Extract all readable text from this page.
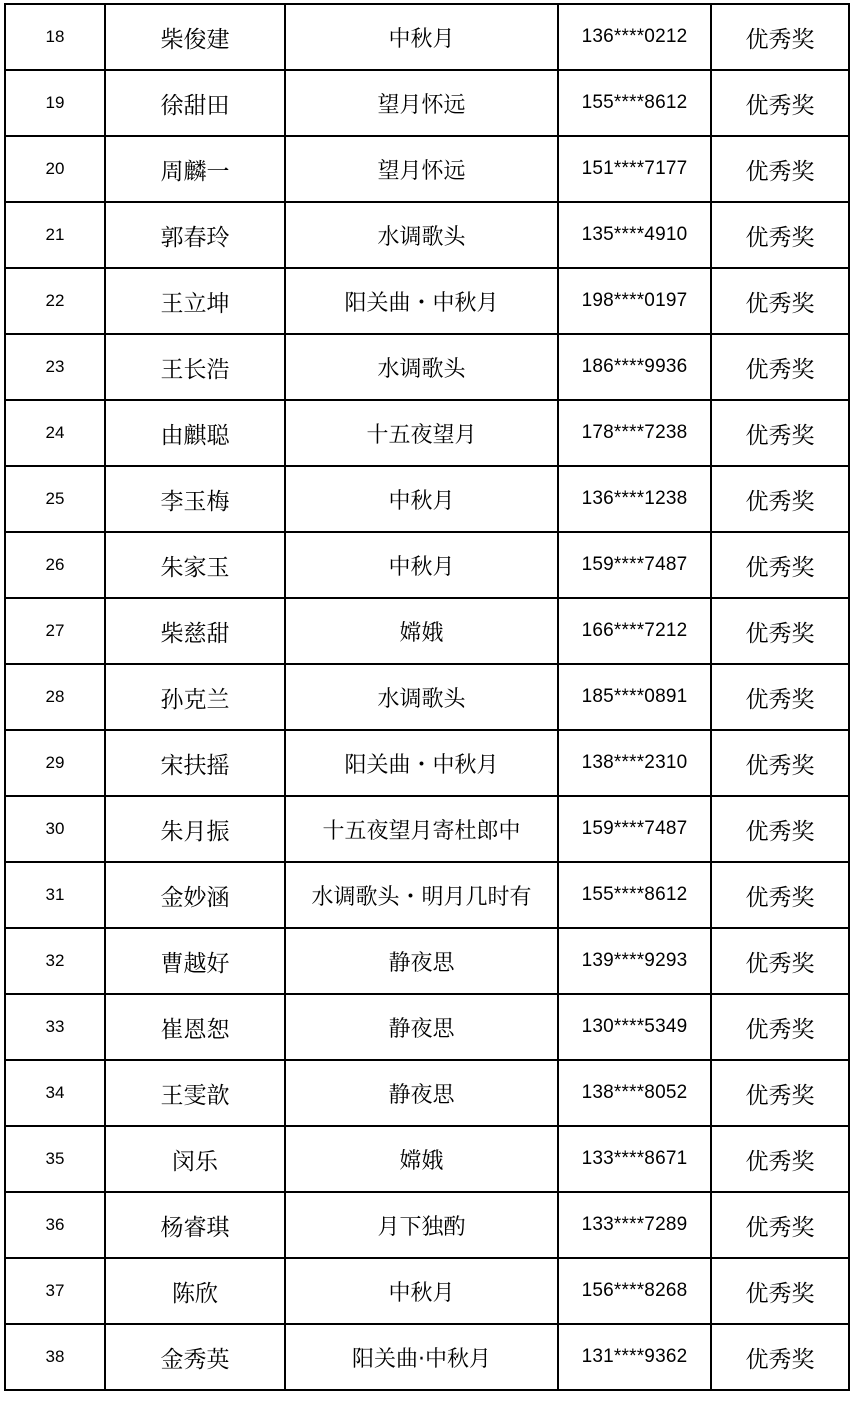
18	柴俊建	中秋月	136****0212	优秀奖
19	徐甜田	望月怀远	155****8612	优秀奖
20	周麟一	望月怀远	151****7177	优秀奖
21	郭春玲	水调歌头	135****4910	优秀奖
22	王立坤	阳关曲・中秋月	198****0197	优秀奖
23	王长浩	水调歌头	186****9936	优秀奖
24	由麒聪	十五夜望月	178****7238	优秀奖
25	李玉梅	中秋月	136****1238	优秀奖
26	朱家玉	中秋月	159****7487	优秀奖
27	柴慈甜	嫦娥	166****7212	优秀奖
28	孙克兰	水调歌头	185****0891	优秀奖
29	宋扶摇	阳关曲・中秋月	138****2310	优秀奖
30	朱月振	十五夜望月寄杜郎中	159****7487	优秀奖
31	金妙涵	水调歌头・明月几时有	155****8612	优秀奖
32	曹越好	静夜思	139****9293	优秀奖
33	崔恩恕	静夜思	130****5349	优秀奖
34	王雯歆	静夜思	138****8052	优秀奖
35	闵乐	嫦娥	133****8671	优秀奖
36	杨睿琪	月下独酌	133****7289	优秀奖
37	陈欣	中秋月	156****8268	优秀奖
38	金秀英	阳关曲·中秋月	131****9362	优秀奖
